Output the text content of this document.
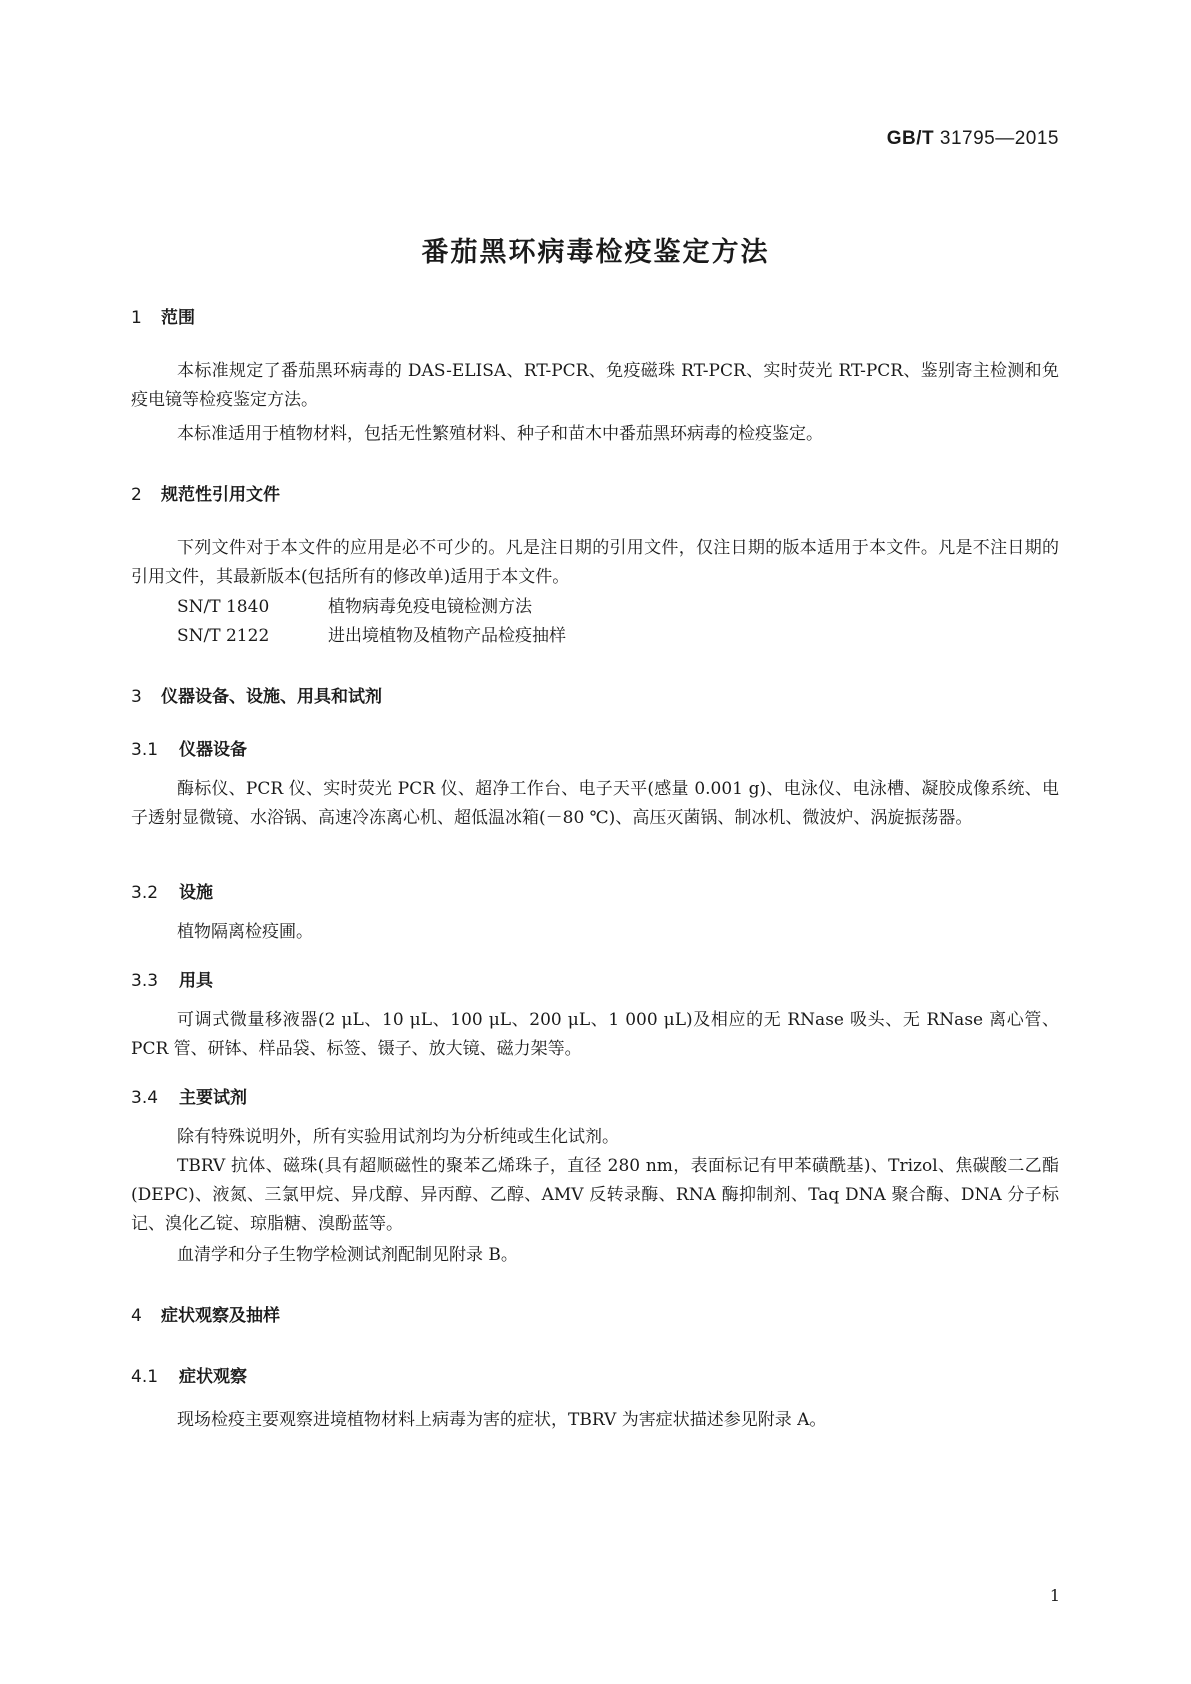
GB/T 31795—2015
番茄黑环病毒检疫鉴定方法
1 范围
本标准规定了番茄黑环病毒的 DAS-ELISA、RT-PCR、免疫磁珠 RT-PCR、实时荧光 RT-PCR、鉴别寄主检测和免疫电镜等检疫鉴定方法。
本标准适用于植物材料，包括无性繁殖材料、种子和苗木中番茄黑环病毒的检疫鉴定。
2 规范性引用文件
下列文件对于本文件的应用是必不可少的。凡是注日期的引用文件，仅注日期的版本适用于本文件。凡是不注日期的引用文件，其最新版本(包括所有的修改单)适用于本文件。
SN/T 1840	植物病毒免疫电镜检测方法
SN/T 2122	进出境植物及植物产品检疫抽样
3 仪器设备、设施、用具和试剂
3.1 仪器设备
酶标仪、PCR 仪、实时荧光 PCR 仪、超净工作台、电子天平(感量 0.001 g)、电泳仪、电泳槽、凝胶成像系统、电子透射显微镜、水浴锅、高速冷冻离心机、超低温冰箱(－80 ℃)、高压灭菌锅、制冰机、微波炉、涡旋振荡器。
3.2 设施
植物隔离检疫圃。
3.3 用具
可调式微量移液器(2 μL、10 μL、100 μL、200 μL、1 000 μL)及相应的无 RNase 吸头、无 RNase 离心管、PCR 管、研钵、样品袋、标签、镊子、放大镜、磁力架等。
3.4 主要试剂
除有特殊说明外，所有实验用试剂均为分析纯或生化试剂。
TBRV 抗体、磁珠(具有超顺磁性的聚苯乙烯珠子，直径 280 nm，表面标记有甲苯磺酰基)、Trizol、焦碳酸二乙酯(DEPC)、液氮、三氯甲烷、异戊醇、异丙醇、乙醇、AMV 反转录酶、RNA 酶抑制剂、Taq DNA 聚合酶、DNA 分子标记、溴化乙锭、琼脂糖、溴酚蓝等。
血清学和分子生物学检测试剂配制见附录 B。
4 症状观察及抽样
4.1 症状观察
现场检疫主要观察进境植物材料上病毒为害的症状，TBRV 为害症状描述参见附录 A。
1
